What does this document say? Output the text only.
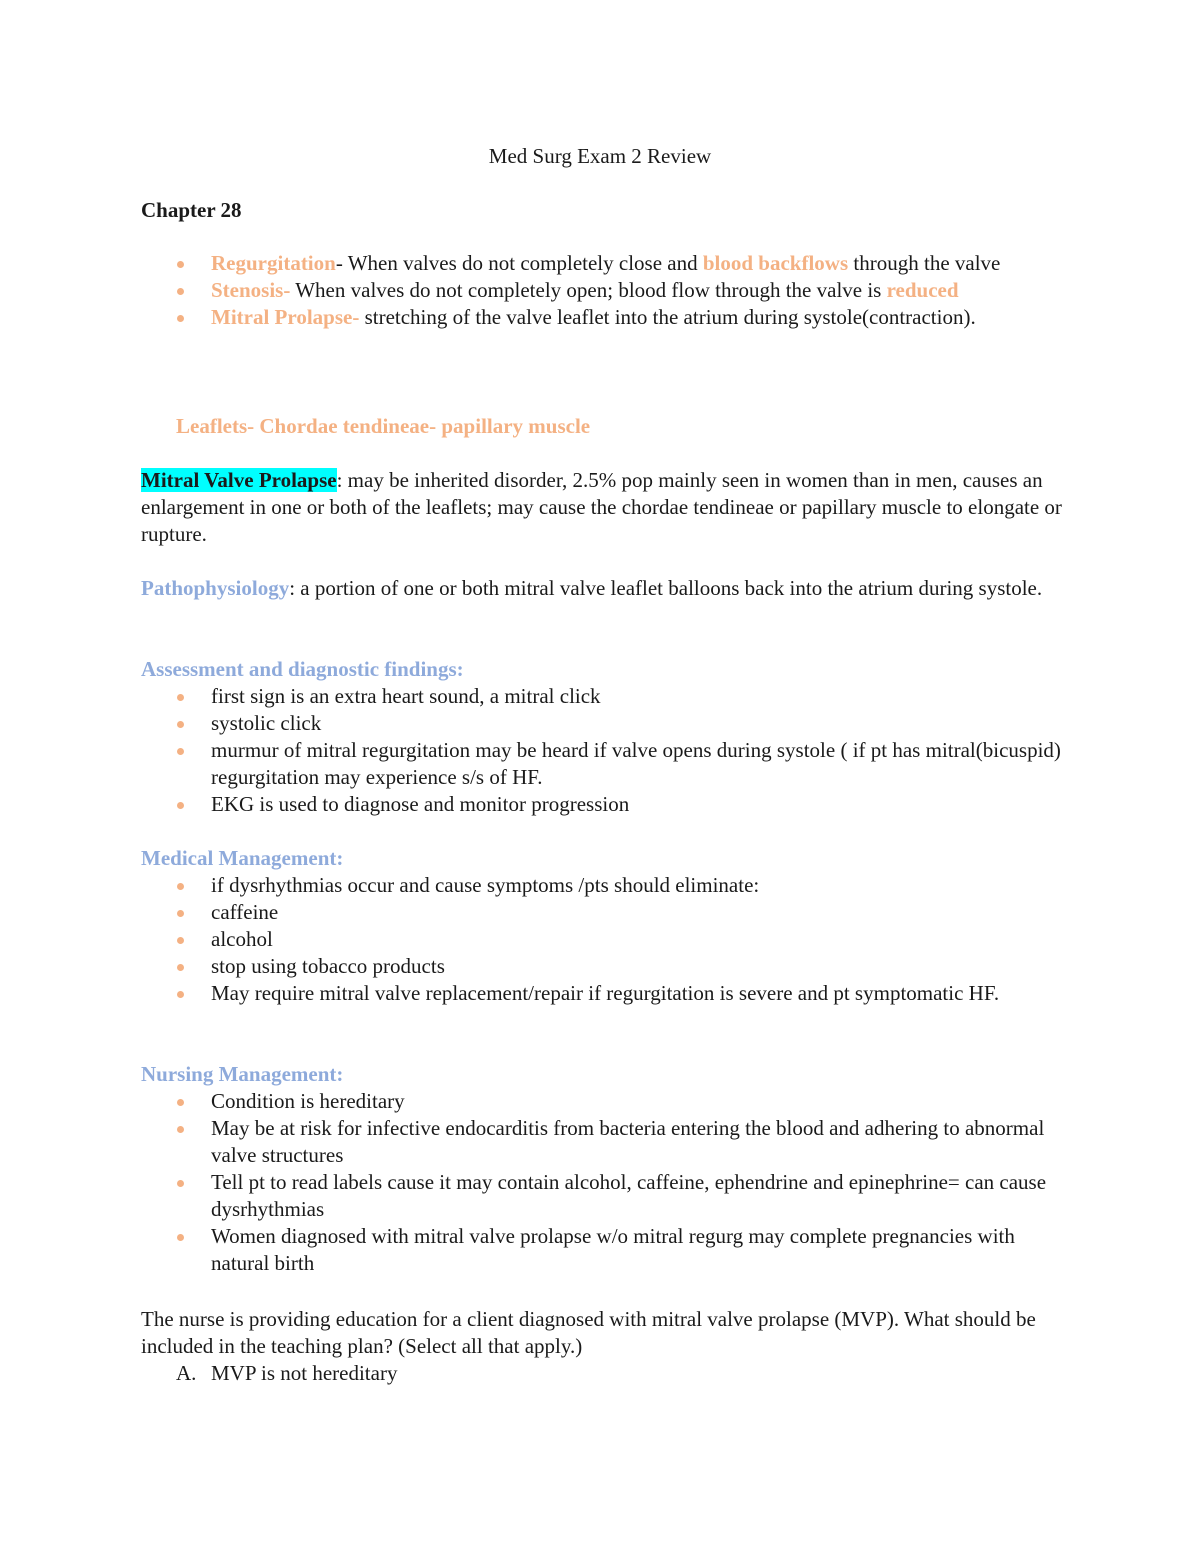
Med Surg Exam 2 Review
Chapter 28
Regurgitation- When valves do not completely close and blood backflows through the valve
Stenosis- When valves do not completely open; blood flow through the valve is reduced
Mitral Prolapse- stretching of the valve leaflet into the atrium during systole(contraction).
Leaflets- Chordae tendineae- papillary muscle
Mitral Valve Prolapse: may be inherited disorder, 2.5% pop mainly seen in women than in men, causes an enlargement in one or both of the leaflets; may cause the chordae tendineae or papillary muscle to elongate or rupture.
Pathophysiology: a portion of one or both mitral valve leaflet balloons back into the atrium during systole.
Assessment and diagnostic findings:
first sign is an extra heart sound, a mitral click
systolic click
murmur of mitral regurgitation may be heard if valve opens during systole ( if pt has mitral(bicuspid) regurgitation may experience s/s of HF.
EKG is used to diagnose and monitor progression
Medical Management:
if dysrhythmias occur and cause symptoms /pts should eliminate:
caffeine
alcohol
stop using tobacco products
May require mitral valve replacement/repair if regurgitation is severe and pt symptomatic HF.
Nursing Management:
Condition is hereditary
May be at risk for infective endocarditis from bacteria entering the blood and adhering to abnormal valve structures
Tell pt to read labels cause it may contain alcohol, caffeine, ephendrine and epinephrine= can cause dysrhythmias
Women diagnosed with mitral valve prolapse w/o mitral regurg may complete pregnancies with natural birth
The nurse is providing education for a client diagnosed with mitral valve prolapse (MVP). What should be included in the teaching plan? (Select all that apply.)
A. MVP is not hereditary
